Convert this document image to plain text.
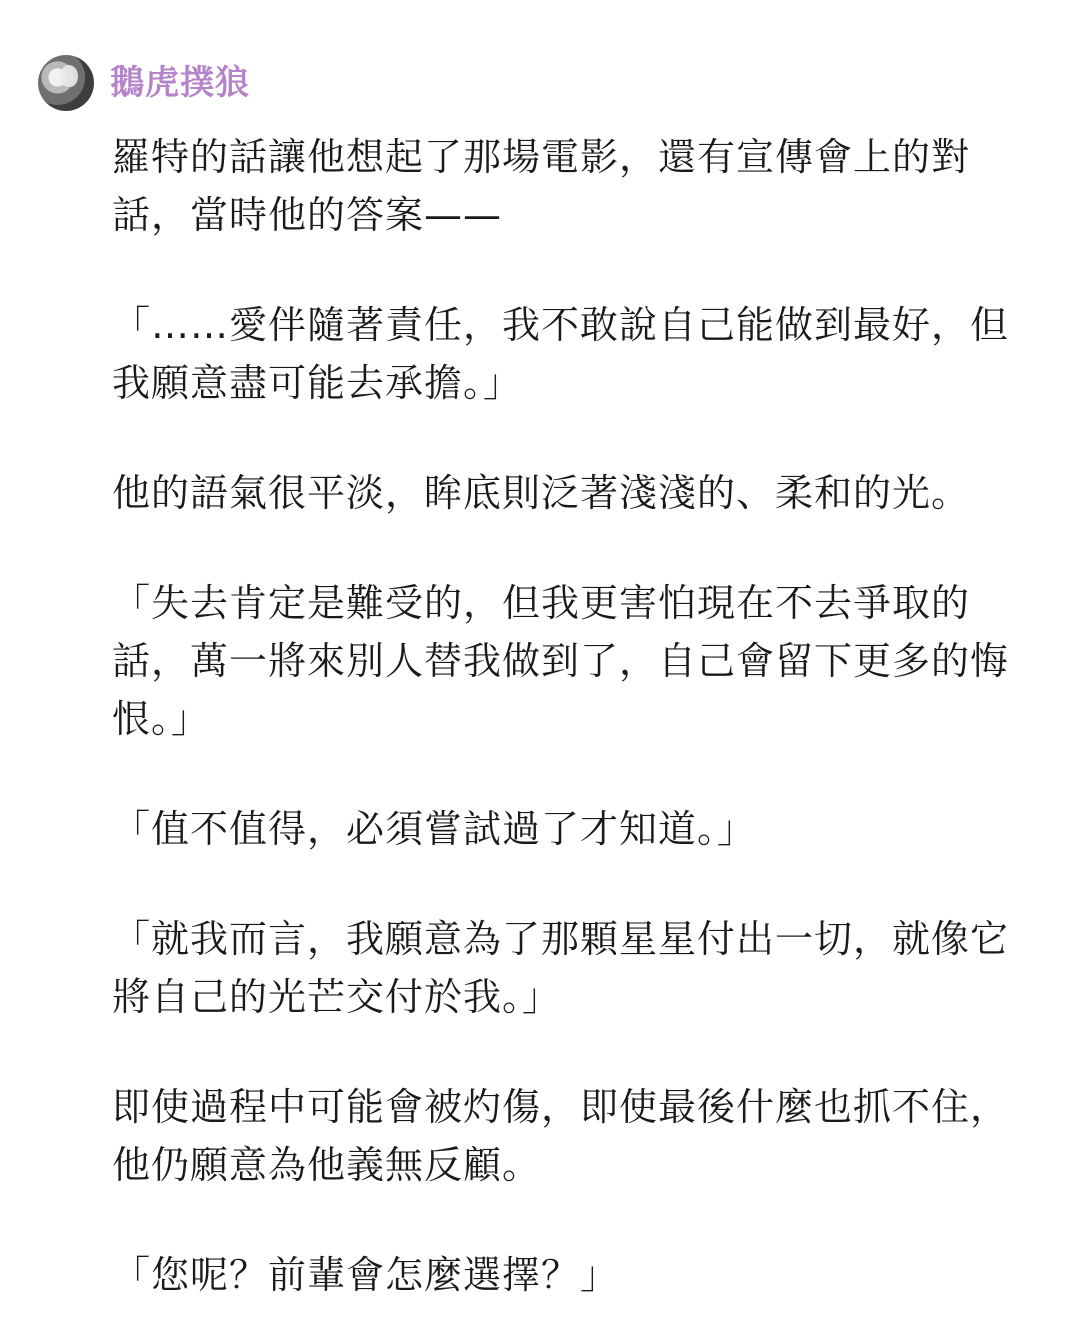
鵝虎撲狼

羅特的話讓他想起了那場電影，還有宣傳會上的對話，當時他的答案——

「……愛伴隨著責任，我不敢說自己能做到最好，但我願意盡可能去承擔。」

他的語氣很平淡，眸底則泛著淺淺的、柔和的光。

「失去肯定是難受的，但我更害怕現在不去爭取的話，萬一將來別人替我做到了，自己會留下更多的悔恨。」

「值不值得，必須嘗試過了才知道。」

「就我而言，我願意為了那顆星星付出一切，就像它將自己的光芒交付於我。」

即使過程中可能會被灼傷，即使最後什麼也抓不住，他仍願意為他義無反顧。

「您呢？前輩會怎麼選擇？」
